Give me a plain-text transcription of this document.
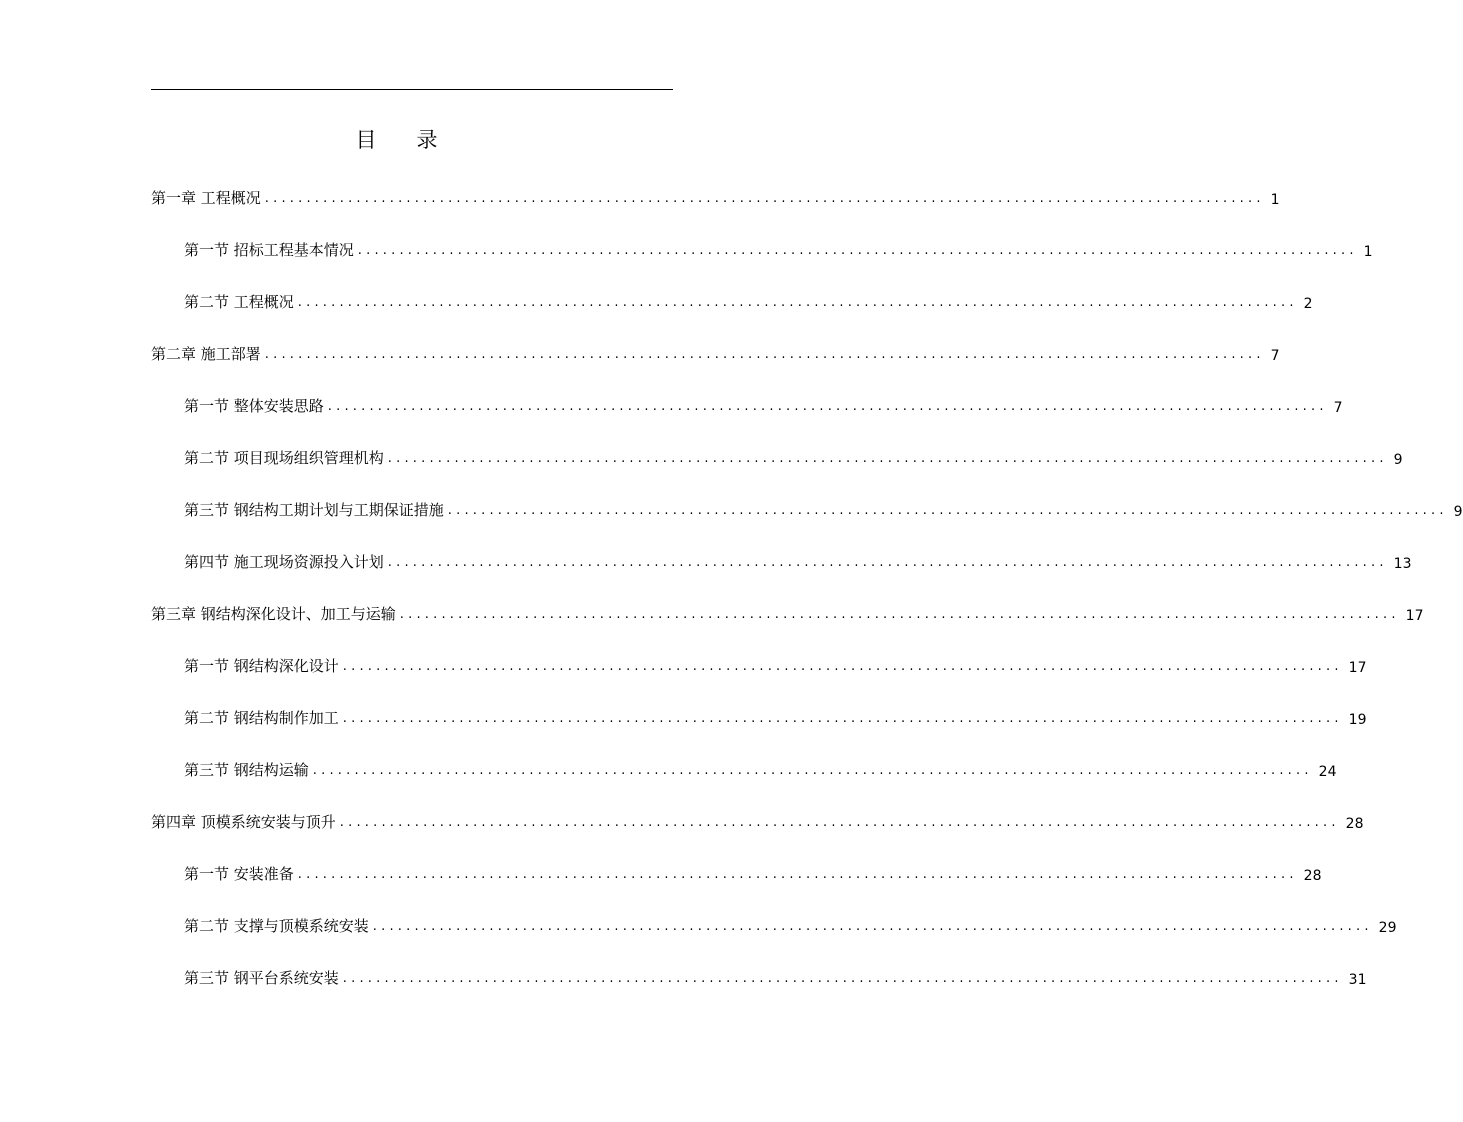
目 录
第一章 工程概况 ........................................................................................................................ 1
第一节 招标工程基本情况 ........................................................................................................................ 1
第二节 工程概况 ........................................................................................................................ 2
第二章 施工部署 ........................................................................................................................ 7
第一节 整体安装思路 ........................................................................................................................ 7
第二节 项目现场组织管理机构 ........................................................................................................................ 9
第三节 钢结构工期计划与工期保证措施 ........................................................................................................................ 9
第四节 施工现场资源投入计划 ........................................................................................................................ 13
第三章 钢结构深化设计、加工与运输 ........................................................................................................................ 17
第一节 钢结构深化设计 ........................................................................................................................ 17
第二节 钢结构制作加工 ........................................................................................................................ 19
第三节 钢结构运输 ........................................................................................................................ 24
第四章 顶模系统安装与顶升 ........................................................................................................................ 28
第一节 安装准备 ........................................................................................................................ 28
第二节 支撑与顶模系统安装 ........................................................................................................................ 29
第三节 钢平台系统安装 ........................................................................................................................ 31
